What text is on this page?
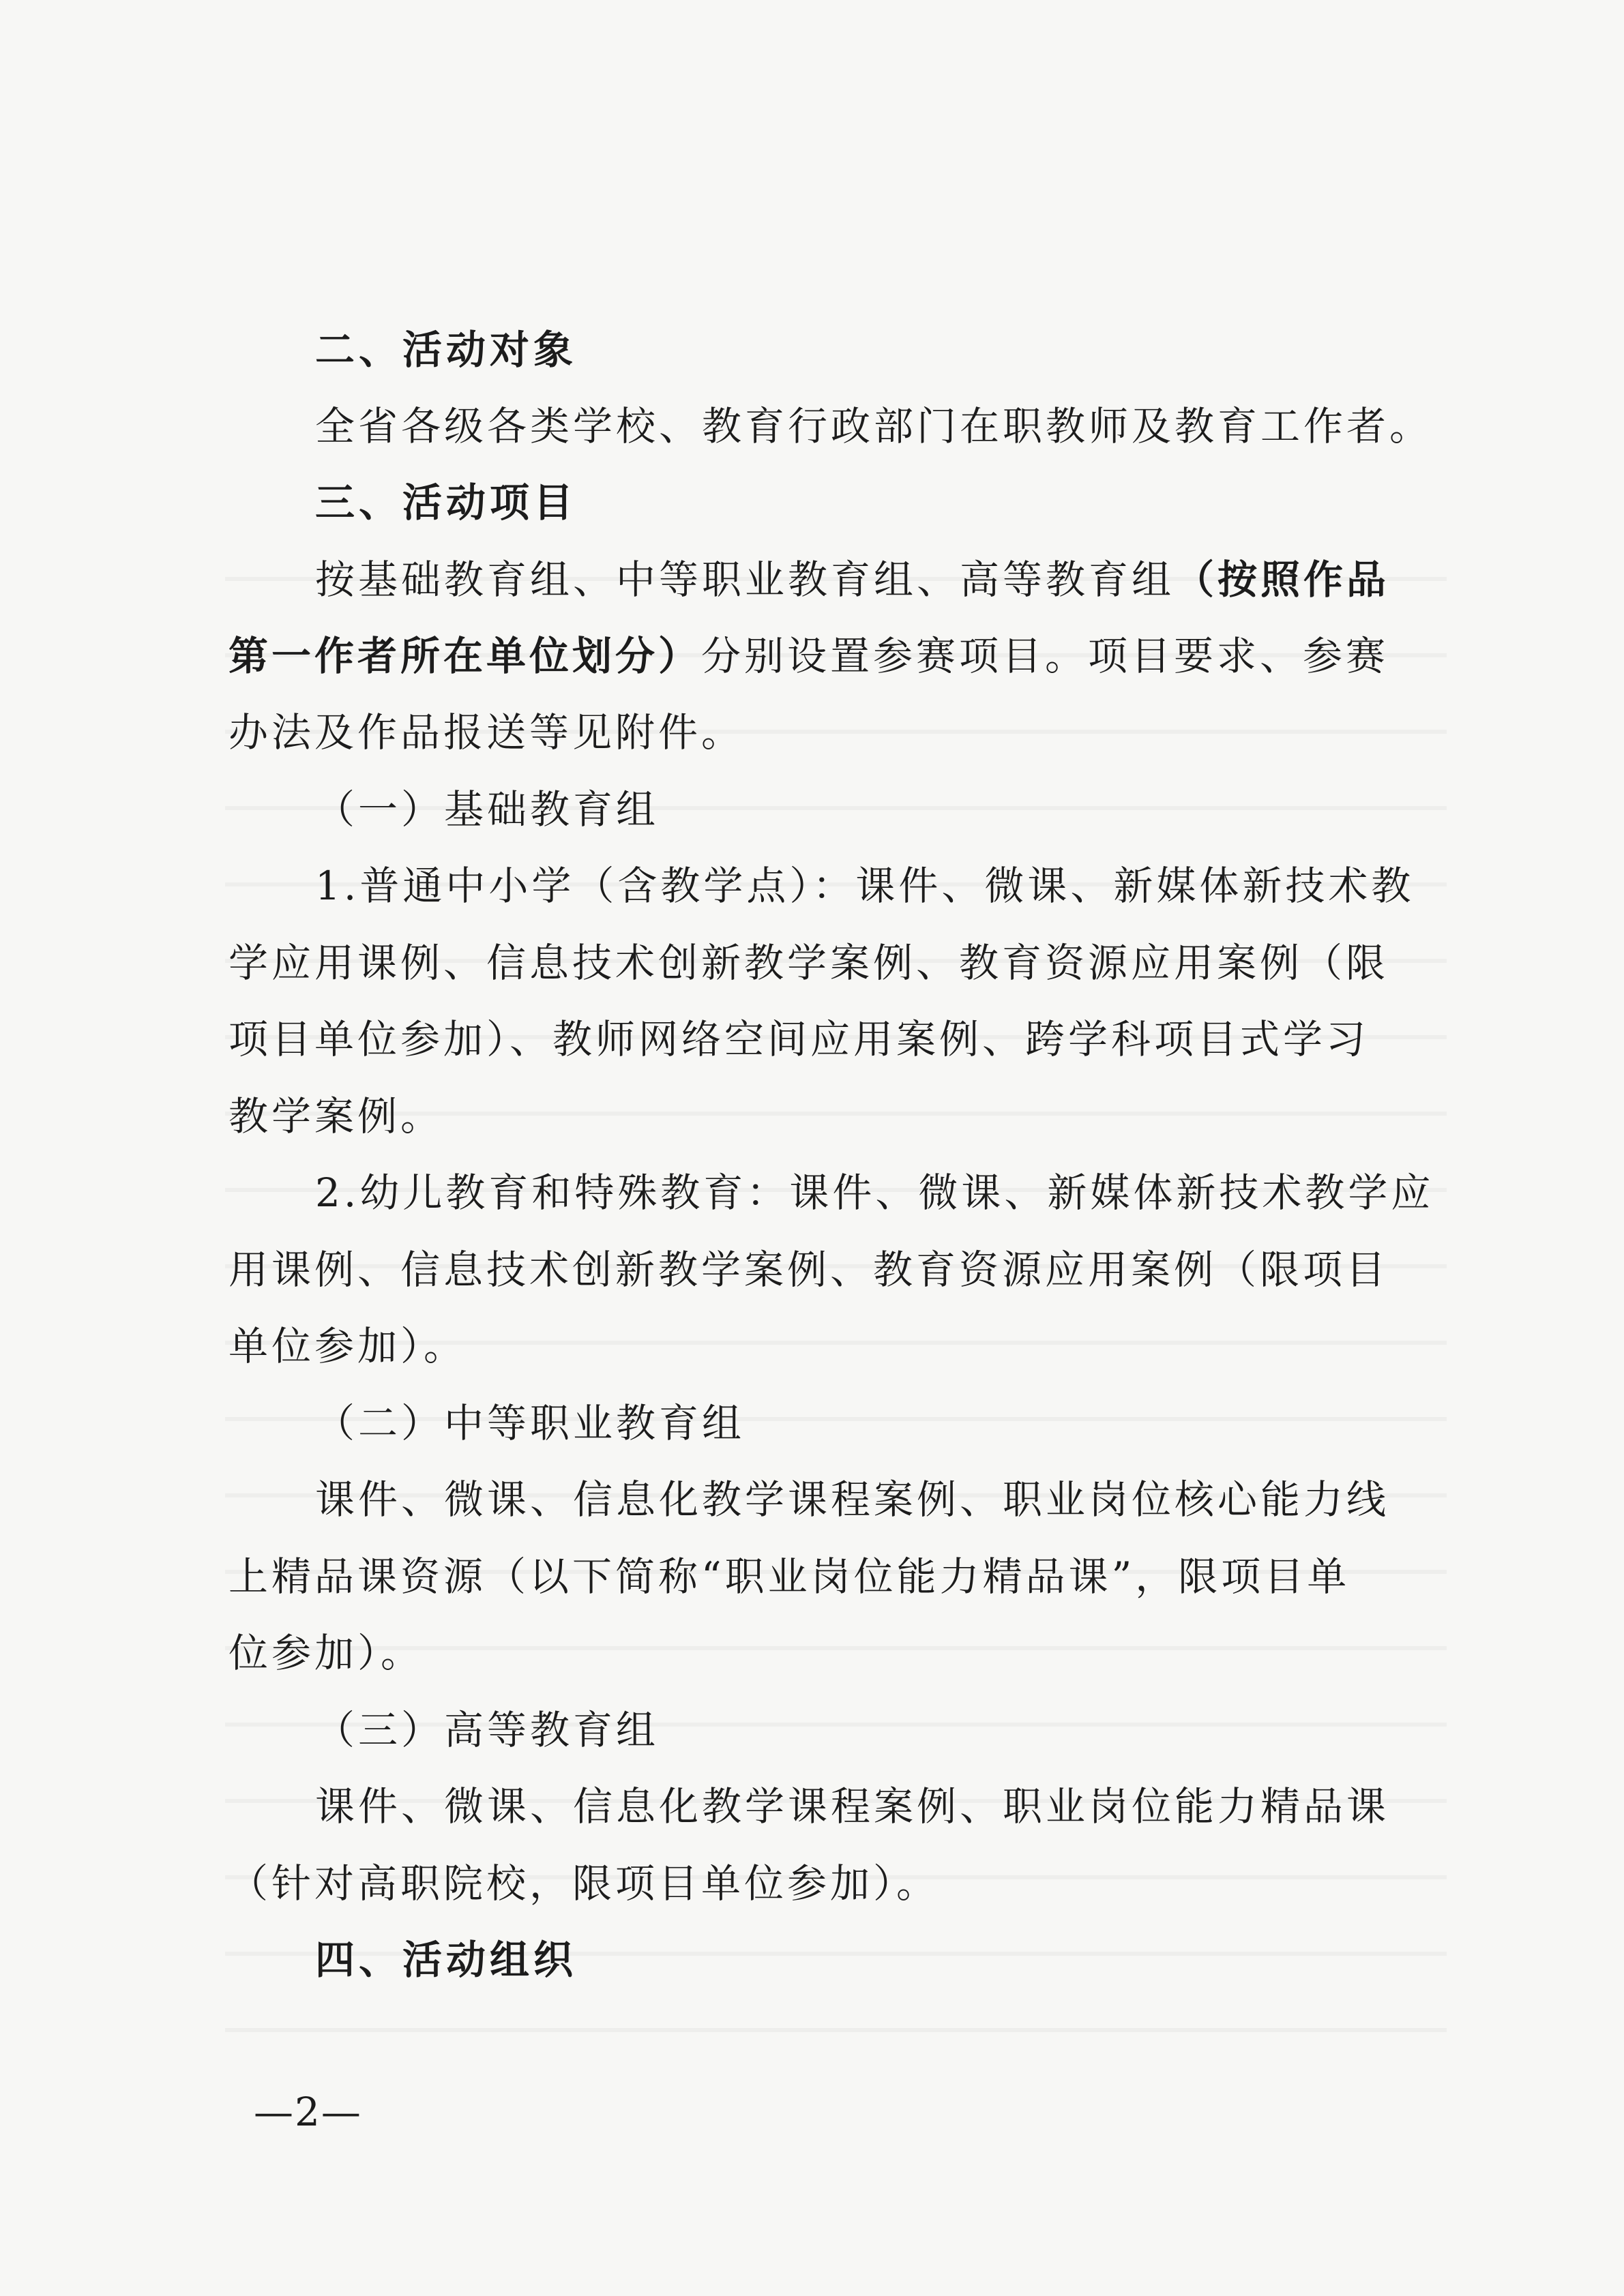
二、活动对象
全省各级各类学校、教育行政部门在职教师及教育工作者。
三、活动项目
按基础教育组、中等职业教育组、高等教育组（按照作品
第一作者所在单位划分）分别设置参赛项目。项目要求、参赛
办法及作品报送等见附件。
（一）基础教育组
1.普通中小学（含教学点）：课件、微课、新媒体新技术教
学应用课例、信息技术创新教学案例、教育资源应用案例（限
项目单位参加）、教师网络空间应用案例、跨学科项目式学习
教学案例。
2.幼儿教育和特殊教育：课件、微课、新媒体新技术教学应
用课例、信息技术创新教学案例、教育资源应用案例（限项目
单位参加）。
（二）中等职业教育组
课件、微课、信息化教学课程案例、职业岗位核心能力线
上精品课资源（以下简称“职业岗位能力精品课”，限项目单
位参加）。
（三）高等教育组
课件、微课、信息化教学课程案例、职业岗位能力精品课
（针对高职院校，限项目单位参加）。
四、活动组织
—2—
